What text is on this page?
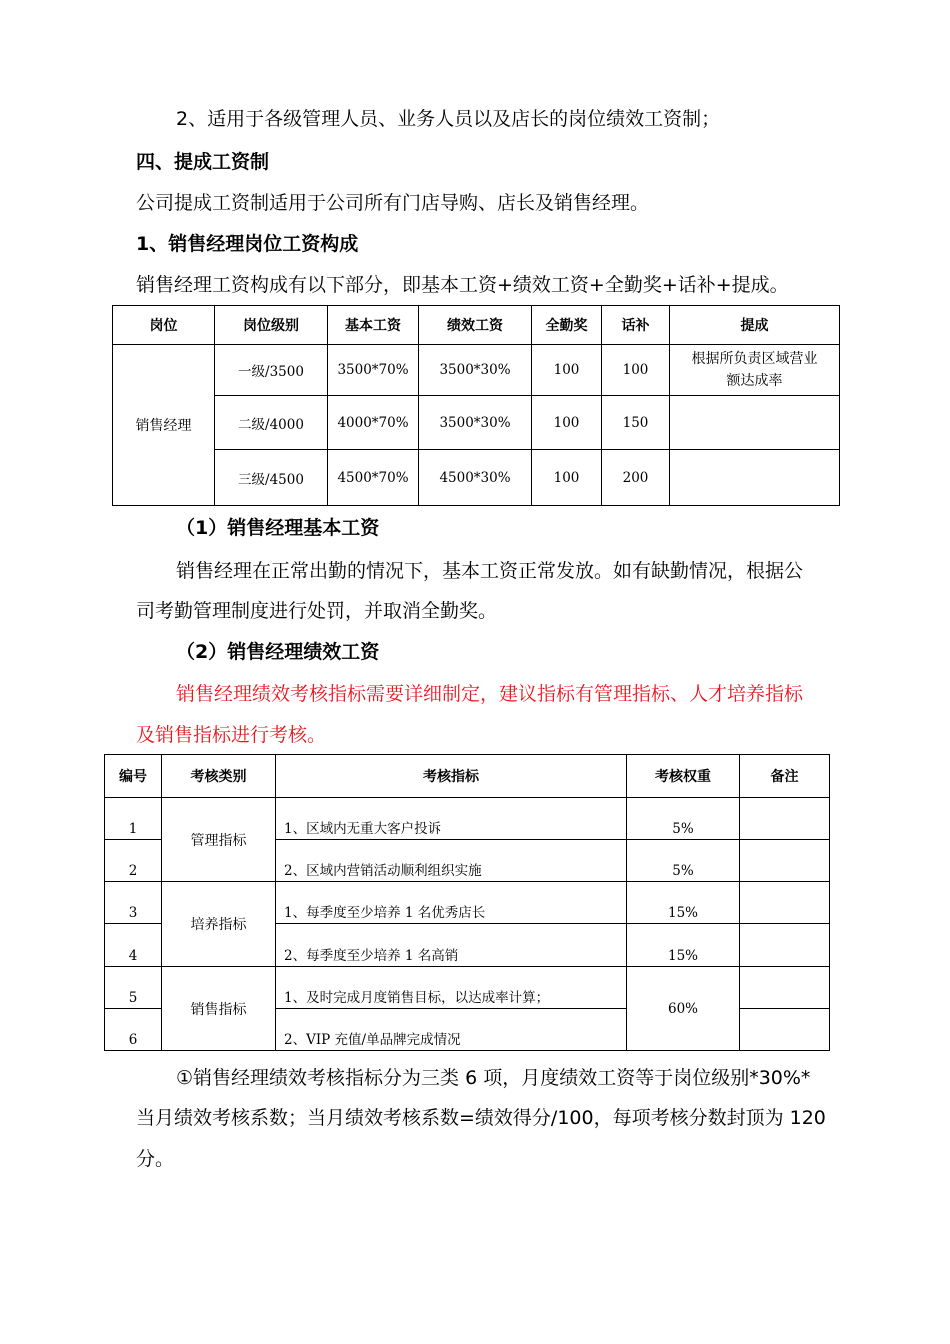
2、适用于各级管理人员、业务人员以及店长的岗位绩效工资制；
四、提成工资制
公司提成工资制适用于公司所有门店导购、店长及销售经理。
1、销售经理岗位工资构成
销售经理工资构成有以下部分，即基本工资+绩效工资+全勤奖+话补+提成。
岗位	岗位级别	基本工资	绩效工资	全勤奖	话补	提成
销售经理	一级/3500	3500*70%	3500*30%	100	100	根据所负责区域营业
额达成率

	二级/4000	4000*70%	3500*30%	100	150	
	三级/4500	4500*70%	4500*30%	100	200	
（1）销售经理基本工资
销售经理在正常出勤的情况下，基本工资正常发放。如有缺勤情况，根据公
司考勤管理制度进行处罚，并取消全勤奖。
（2）销售经理绩效工资
销售经理绩效考核指标需要详细制定，建议指标有管理指标、人才培养指标
及销售指标进行考核。
编号	考核类别	考核指标	考核权重	备注
1	管理指标	1、区域内无重大客户投诉	5%	
2		2、区域内营销活动顺利组织实施	5%	
3	培养指标	1、每季度至少培养 1 名优秀店长	15%	
4		2、每季度至少培养 1 名高销	15%	
5	销售指标	1、及时完成月度销售目标，以达成率计算；	60%	
6		2、VIP 充值/单品牌完成情况		
①销售经理绩效考核指标分为三类 6 项，月度绩效工资等于岗位级别*30%*
当月绩效考核系数；当月绩效考核系数=绩效得分/100，每项考核分数封顶为 120
分。
